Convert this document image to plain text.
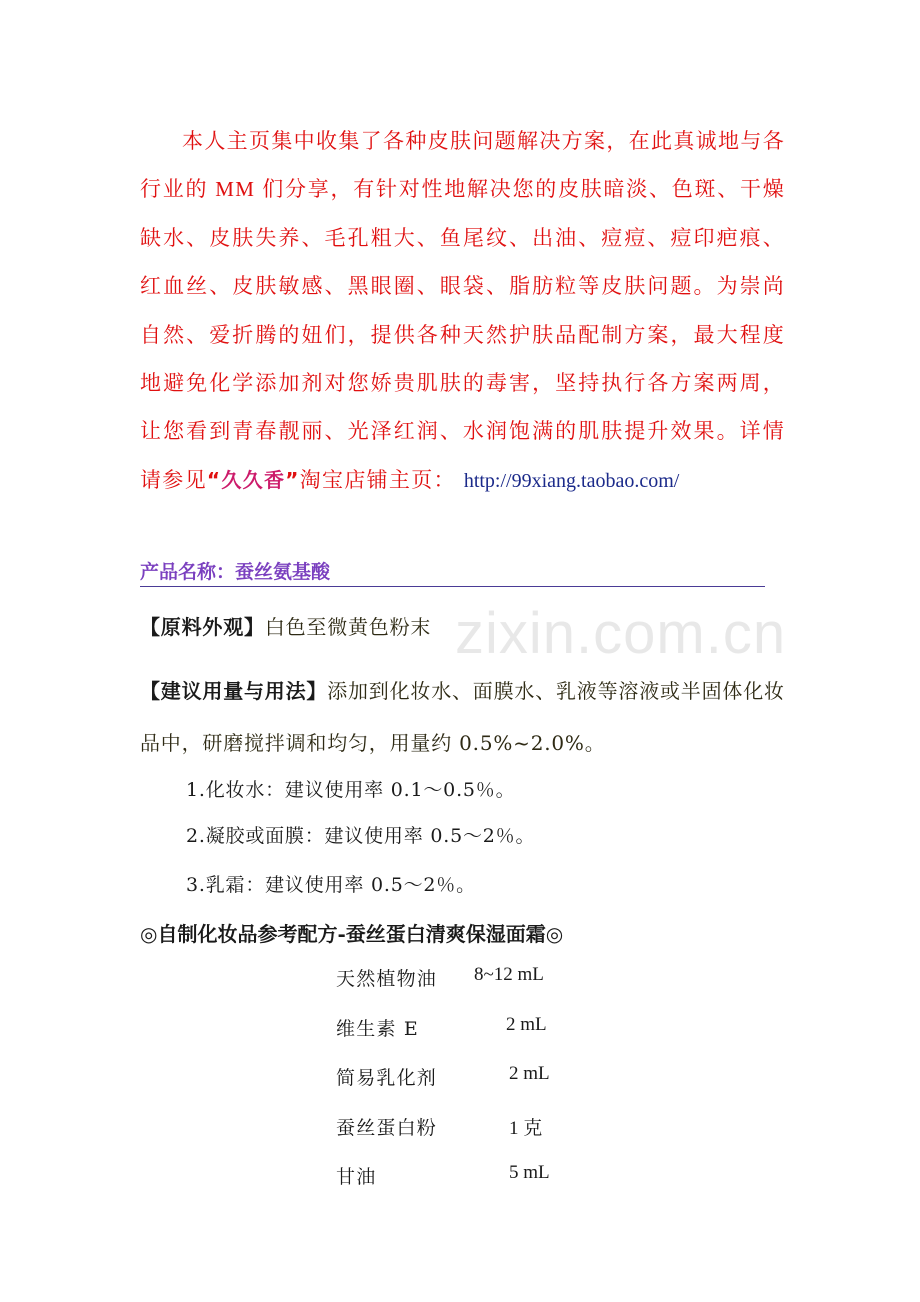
zixin.com.cn
本人主页集中收集了各种皮肤问题解决方案，在此真诚地与各行业的 MM 们分享，有针对性地解决您的皮肤暗淡、色斑、干燥缺水、皮肤失养、毛孔粗大、鱼尾纹、出油、痘痘、痘印疤痕、红血丝、皮肤敏感、黑眼圈、眼袋、脂肪粒等皮肤问题。为崇尚自然、爱折腾的妞们，提供各种天然护肤品配制方案，最大程度地避免化学添加剂对您娇贵肌肤的毒害，坚持执行各方案两周，让您看到青春靓丽、光泽红润、水润饱满的肌肤提升效果。详情请参见“久久香”淘宝店铺主页： http://99xiang.taobao.com/
产品名称：蚕丝氨基酸
【原料外观】白色至微黄色粉末
【建议用量与用法】添加到化妆水、面膜水、乳液等溶液或半固体化妆品中，研磨搅拌调和均匀，用量约 0.5%~2.0%。
1.化妆水：建议使用率 0.1～0.5％。
2.凝胶或面膜：建议使用率 0.5～2％。
3.乳霜：建议使用率 0.5～2％。
◎自制化妆品参考配方-蚕丝蛋白清爽保湿面霜◎
天然植物油 8~12 mL
维生素 E	2 mL
简易乳化剂	2 mL
蚕丝蛋白粉	1 克
甘油	5 mL
